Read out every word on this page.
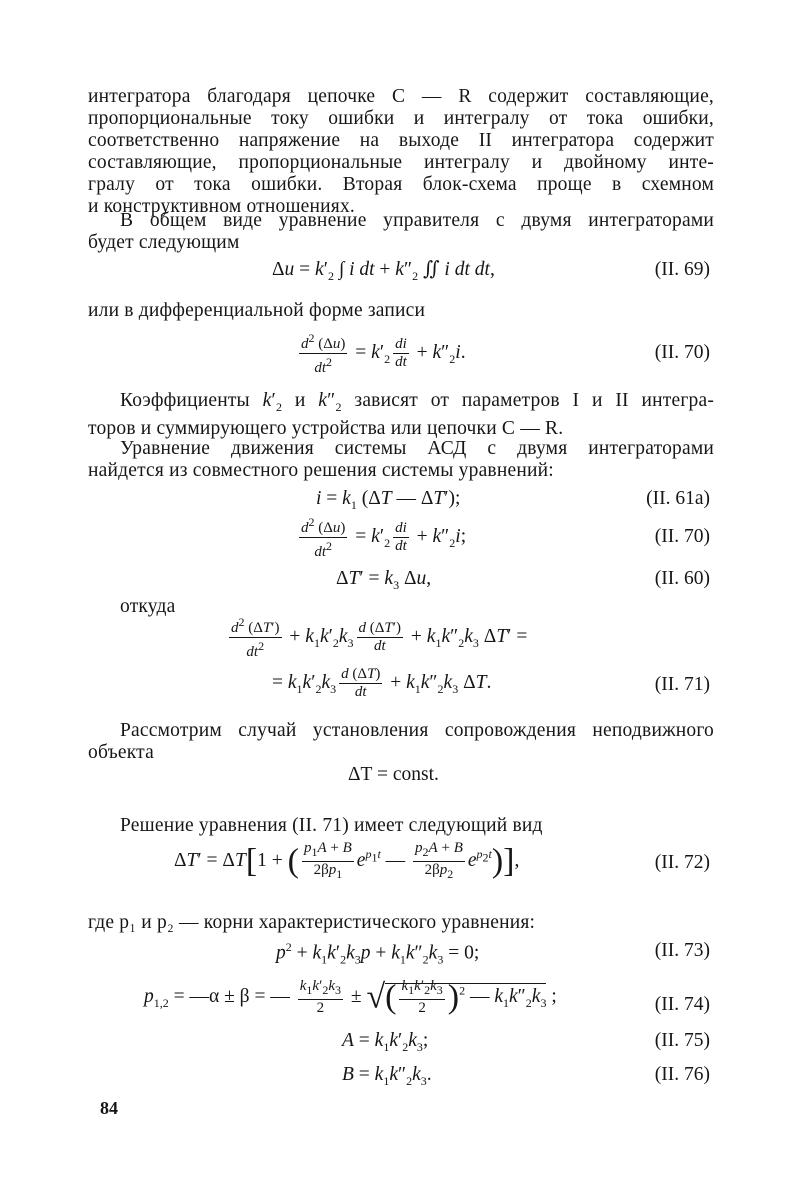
интегратора благодаря цепочке C — R содержит составляющие,
пропорциональные току ошибки и интегралу от тока ошибки,
соответственно напряжение на выходе II интегратора содержит
составляющие, пропорциональные интегралу и двойному инте-
гралу от тока ошибки. Вторая блок-схема проще в схемном
и конструктивном отношениях.
В общем виде уравнение управителя с двумя интеграторами
будет следующим
$\Delta u = k'_2$ ∫ i dt + $k''_2$ ∬ i dt dt,	(II. 69)
или в дифференциальной форме записи
$\frac{d^2 (\Delta u)}{dt^2} = k'_2 \frac{di}{dt} + k''_2i$.	(II. 70)
Коэффициенты $k'_2$ и $k''_2$ зависят от параметров I и II интегра-
торов и суммирующего устройства или цепочки C — R.
Уравнение движения системы АСД с двумя интеграторами
найдется из совместного решения системы уравнений:
$i = k_1$ (ΔT — ΔT′);	(II. 61a)
$\frac{d^2 (\Delta u)}{dt^2} = k'_2 \frac{di}{dt} + k''_2i$;	(II. 70)
$\Delta T' = k_3$ Δu,	(II. 60)
откуда
$\frac{d^2 (\Delta T')}{dt^2} + k_1k'_2k_3 \frac{d (\Delta T')}{dt} + k_1k''_2k_3$ ΔT′ =
= $k_1k'_2k_3 \frac{d (\Delta T)}{dt} + k_1k''_2k_3$ ΔT.	(II. 71)
Рассмотрим случай установления сопровождения неподвижного
объекта
ΔT = const.
Решение уравнения (II. 71) имеет следующий вид
ΔT′ = ΔT[1 + ( $\frac{p_1A + B}{2\beta p_1} e^{p_1t}$ — $\frac{p_2A + B}{2\beta p_2} e^{p_2t}$)],	(II. 72)
где p₁ и p₂ — корни характеристического уравнения:
$p^2 + k_1k'_2k_3p + k_1k''_2k_3 = 0$;	(II. 73)
$p_{1,2}$ = —α ± β = — $\frac{k_1k'_2k_3}{2}$ ± √( $\frac{k_1k'_2k_3}{2} )^2$ — $k_1k''_2k_3$ ;	(II. 74)
$A = k_1k'_2k_3$;	(II. 75)
$B = k_1k''_2k_3$.	(II. 76)
84
